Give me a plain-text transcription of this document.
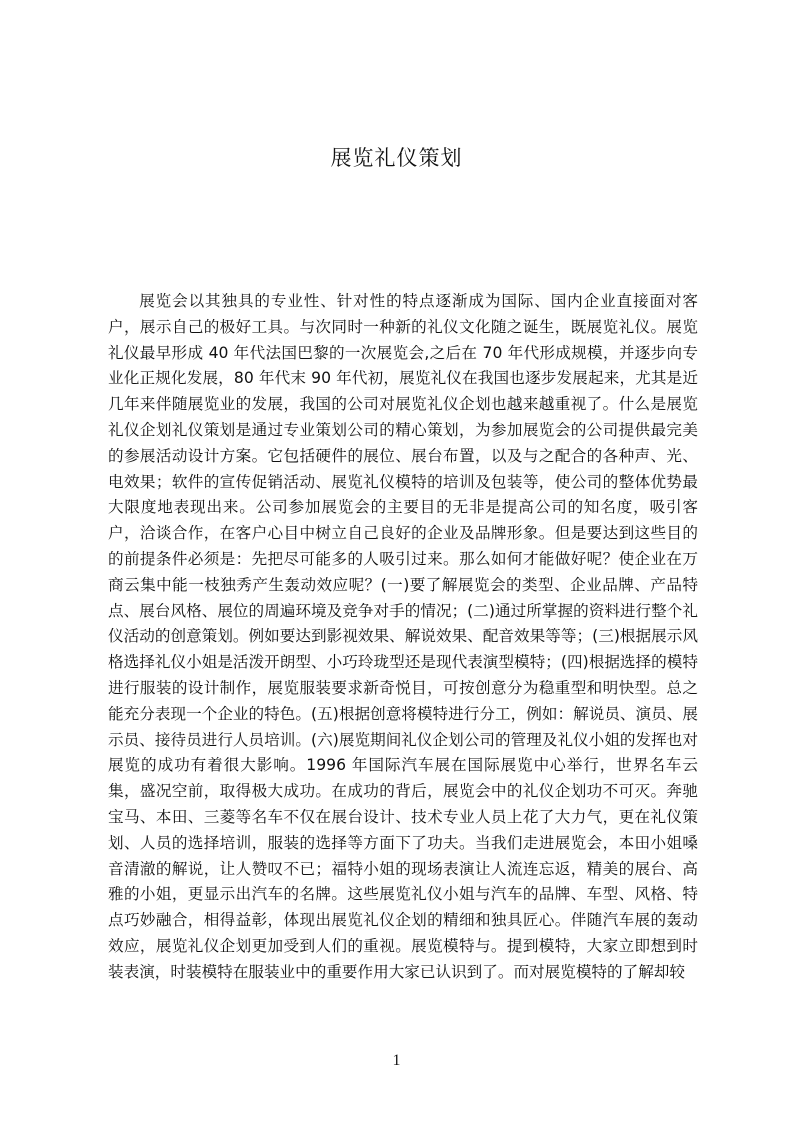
展览礼仪策划

展览会以其独具的专业性、针对性的特点逐渐成为国际、国内企业直接面对客户，展示自己的极好工具。与次同时一种新的礼仪文化随之诞生，既展览礼仪。展览礼仪最早形成 40 年代法国巴黎的一次展览会,之后在 70 年代形成规模，并逐步向专业化正规化发展，80 年代末 90 年代初，展览礼仪在我国也逐步发展起来，尤其是近几年来伴随展览业的发展，我国的公司对展览礼仪企划也越来越重视了。什么是展览礼仪企划礼仪策划是通过专业策划公司的精心策划，为参加展览会的公司提供最完美的参展活动设计方案。它包括硬件的展位、展台布置，以及与之配合的各种声、光、电效果；软件的宣传促销活动、展览礼仪模特的培训及包装等，使公司的整体优势最大限度地表现出来。公司参加展览会的主要目的无非是提高公司的知名度，吸引客户，洽谈合作，在客户心目中树立自己良好的企业及品牌形象。但是要达到这些目的的前提条件必须是：先把尽可能多的人吸引过来。那么如何才能做好呢？使企业在万商云集中能一枝独秀产生轰动效应呢？(一)要了解展览会的类型、企业品牌、产品特点、展台风格、展位的周遍环境及竞争对手的情况；(二)通过所掌握的资料进行整个礼仪活动的创意策划。例如要达到影视效果、解说效果、配音效果等等；(三)根据展示风格选择礼仪小姐是活泼开朗型、小巧玲珑型还是现代表演型模特；(四)根据选择的模特进行服装的设计制作，展览服装要求新奇悦目，可按创意分为稳重型和明快型。总之能充分表现一个企业的特色。(五)根据创意将模特进行分工，例如：解说员、演员、展示员、接待员进行人员培训。(六)展览期间礼仪企划公司的管理及礼仪小姐的发挥也对展览的成功有着很大影响。1996 年国际汽车展在国际展览中心举行，世界名车云集，盛况空前，取得极大成功。在成功的背后，展览会中的礼仪企划功不可灭。奔驰宝马、本田、三菱等名车不仅在展台设计、技术专业人员上花了大力气，更在礼仪策划、人员的选择培训，服装的选择等方面下了功夫。当我们走进展览会，本田小姐嗓音清澈的解说，让人赞叹不已；福特小姐的现场表演让人流连忘返，精美的展台、高雅的小姐，更显示出汽车的名牌。这些展览礼仪小姐与汽车的品牌、车型、风格、特点巧妙融合，相得益彰，体现出展览礼仪企划的精细和独具匠心。伴随汽车展的轰动效应，展览礼仪企划更加受到人们的重视。展览模特与。提到模特，大家立即想到时装表演，时装模特在服装业中的重要作用大家已认识到了。而对展览模特的了解却较

1
